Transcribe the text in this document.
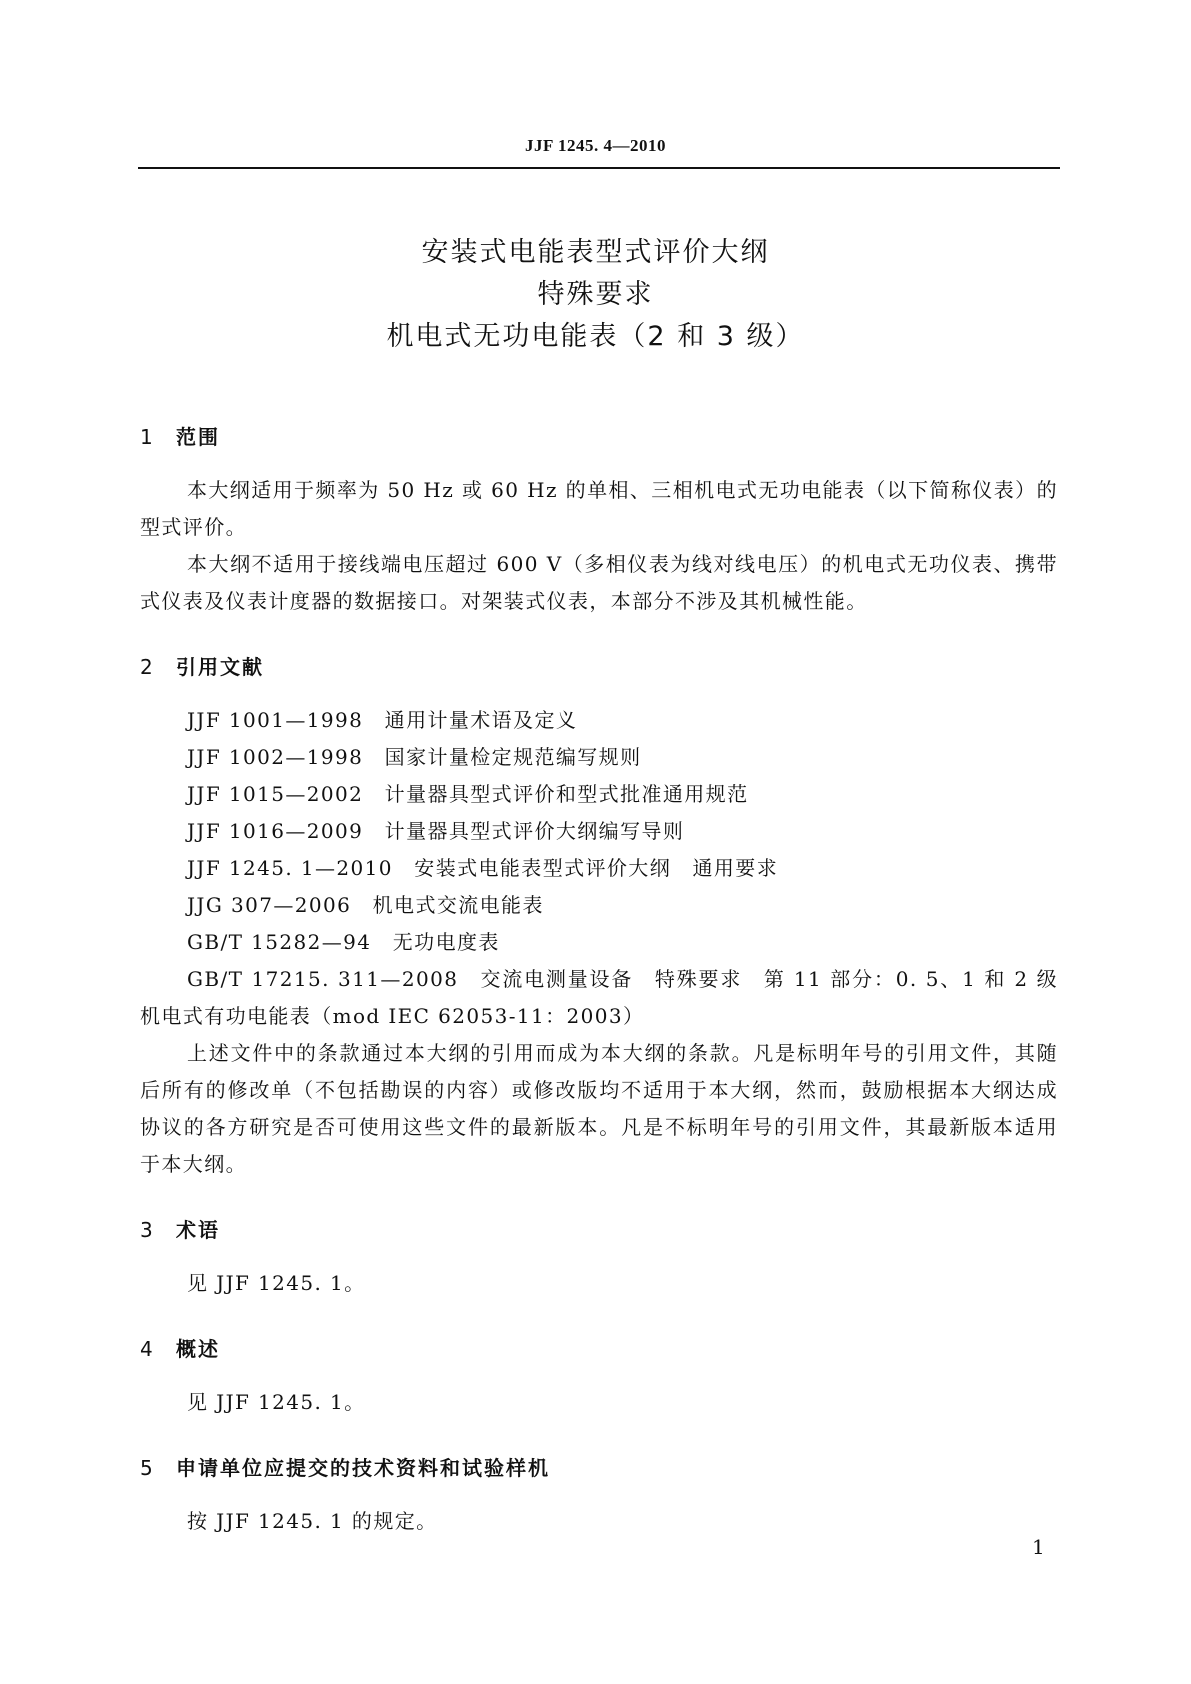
JJF 1245. 4—2010
安装式电能表型式评价大纲
特殊要求
机电式无功电能表（2 和 3 级）
1 范围

本大纲适用于频率为 50 Hz 或 60 Hz 的单相、三相机电式无功电能表（以下简称仪表）的型式评价。

本大纲不适用于接线端电压超过 600 V（多相仪表为线对线电压）的机电式无功仪表、携带式仪表及仪表计度器的数据接口。对架装式仪表，本部分不涉及其机械性能。

2 引用文献

JJF 1001—1998　通用计量术语及定义

JJF 1002—1998　国家计量检定规范编写规则

JJF 1015—2002　计量器具型式评价和型式批准通用规范

JJF 1016—2009　计量器具型式评价大纲编写导则

JJF 1245. 1—2010　安装式电能表型式评价大纲　通用要求

JJG 307—2006　机电式交流电能表

GB/T 15282—94　无功电度表

GB/T 17215. 311—2008　交流电测量设备　特殊要求　第 11 部分：0. 5、1 和 2 级机电式有功电能表（mod IEC 62053-11：2003）

上述文件中的条款通过本大纲的引用而成为本大纲的条款。凡是标明年号的引用文件，其随后所有的修改单（不包括勘误的内容）或修改版均不适用于本大纲，然而，鼓励根据本大纲达成协议的各方研究是否可使用这些文件的最新版本。凡是不标明年号的引用文件，其最新版本适用于本大纲。

3 术语

见 JJF 1245. 1。

4 概述

见 JJF 1245. 1。

5 申请单位应提交的技术资料和试验样机

按 JJF 1245. 1 的规定。

1
